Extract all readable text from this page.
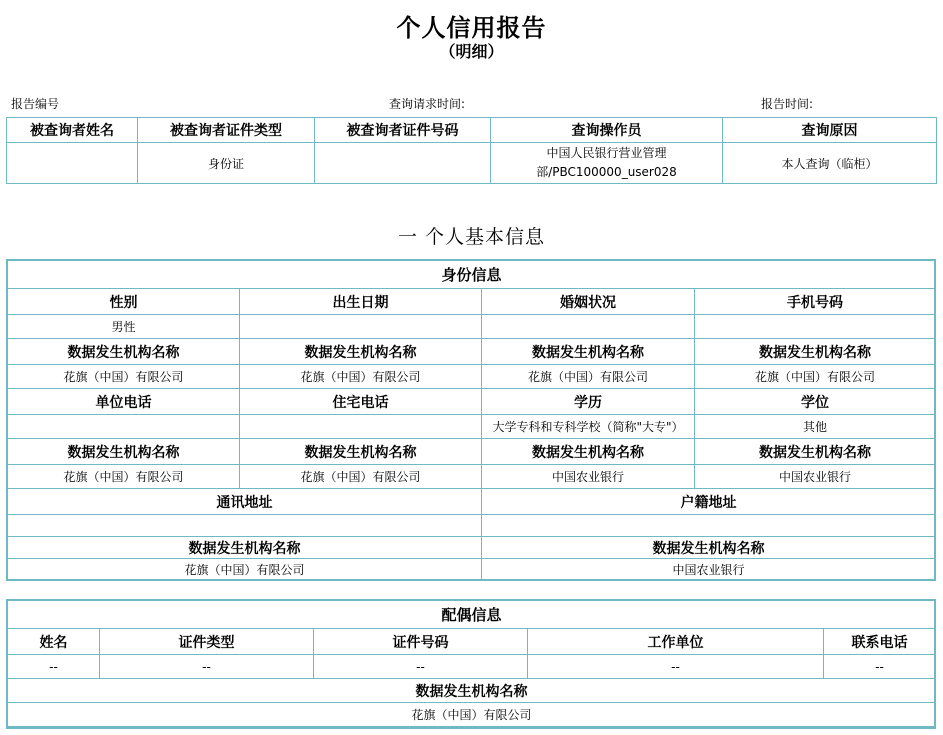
个人信用报告
（明细）
报告编号	查询请求时间:	报告时间:
被查询者姓名	被查询者证件类型	被查询者证件号码	查询操作员	查询原因
	身份证		中国人民银行营业管理
部/PBC100000_user028	本人查询（临柜）
一 个人基本信息
身份信息			
性别	出生日期	婚姻状况	手机号码
男性			
数据发生机构名称	数据发生机构名称	数据发生机构名称	数据发生机构名称
花旗（中国）有限公司	花旗（中国）有限公司	花旗（中国）有限公司	花旗（中国）有限公司
单位电话	住宅电话	学历	学位
		大学专科和专科学校（简称"大专"）	其他
数据发生机构名称	数据发生机构名称	数据发生机构名称	数据发生机构名称
花旗（中国）有限公司	花旗（中国）有限公司	中国农业银行	中国农业银行
通讯地址		户籍地址	

数据发生机构名称		数据发生机构名称	
花旗（中国）有限公司		中国农业银行	
配偶信息				
姓名	证件类型	证件号码	工作单位	联系电话
--	--	--	--	--
数据发生机构名称				
花旗（中国）有限公司				
